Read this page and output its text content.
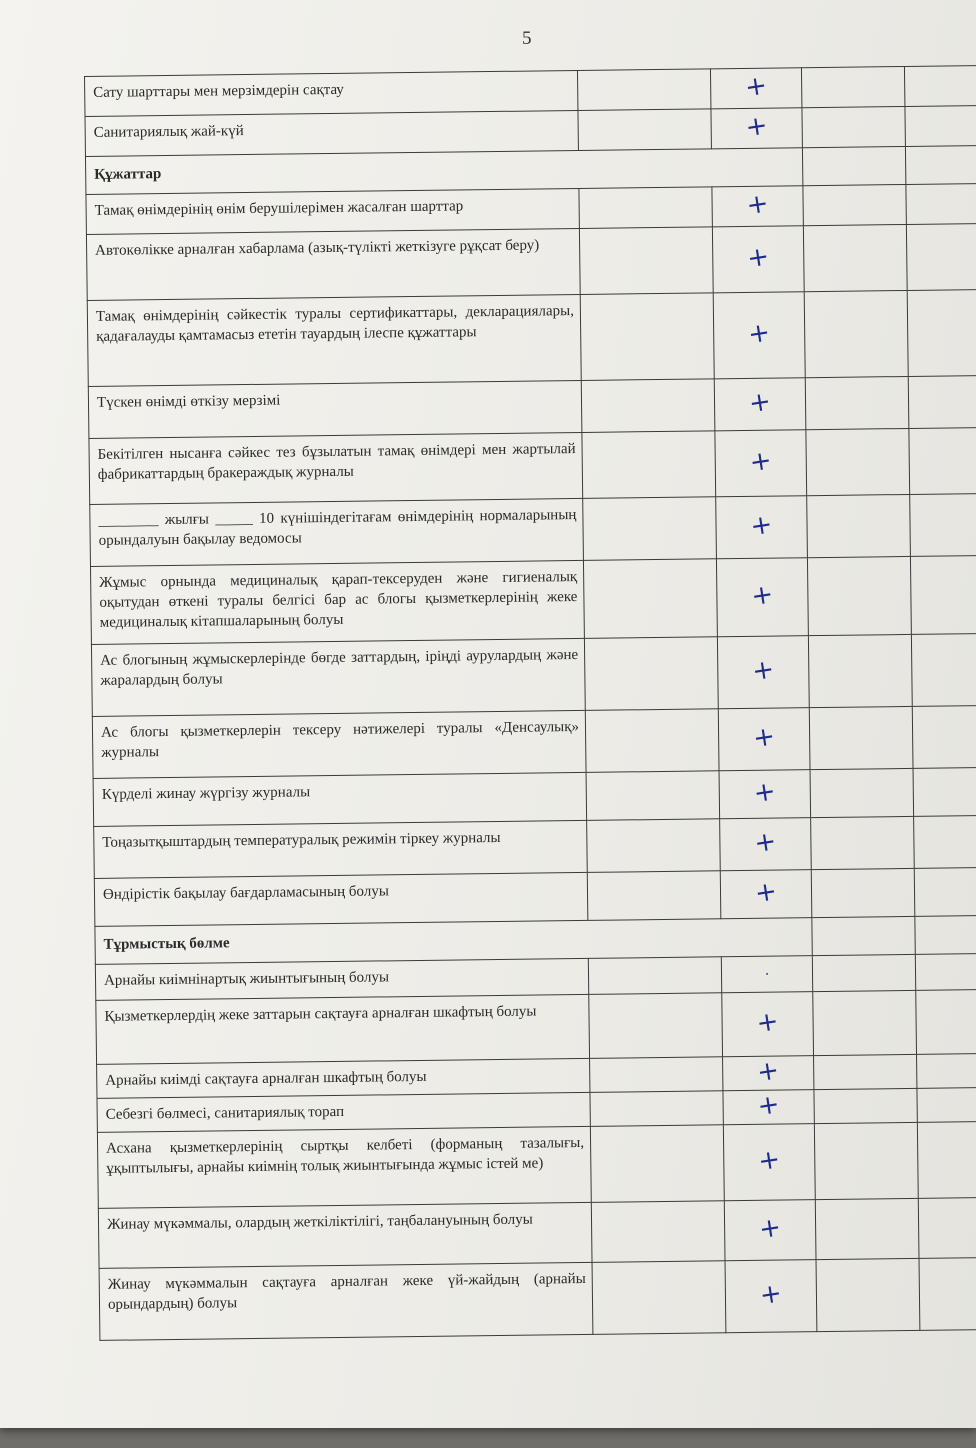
5
Сату шарттары мен мерзімдерін сақтау		+		
Санитариялық жай-күй		+		
Құжаттар				
Тамақ өнімдерінің өнім берушілерімен жасалған шарттар		+		
Автокөлікке арналған хабарлама (азық-түлікті жеткізуге рұқсат беру)		+		
Тамақ өнімдерінің сәйкестік туралы сертификаттары, декларациялары, қадағалауды қамтамасыз ететін тауардың ілеспе құжаттары		+		
Түскен өнімді өткізу мерзімі		+		
Бекітілген нысанға сәйкес тез бұзылатын тамақ өнімдері мен жартылай фабрикаттардың бракераждық журналы		+		
________ жылғы _____ 10 күнішіндегітағам өнімдерінің нормаларының орындалуын бақылау ведомосы		+		
Жұмыс орнында медициналық қарап-тексеруден және гигиеналық оқытудан өткені туралы белгісі бар ас блогы қызметкерлерінің жеке медициналық кітапшаларының болуы		+		
Ас блогының жұмыскерлерінде бөгде заттардың, іріңді аурулардың және жаралардың болуы		+		
Ас блогы қызметкерлерін тексеру нәтижелері туралы «Денсаулық» журналы		+		
Күрделі жинау жүргізу журналы		+		
Тоңазытқыштардың температуралық режимін тіркеу журналы		+		
Өндірістік бақылау бағдарламасының болуы		+		
Тұрмыстық бөлме				
Арнайы киімнінартық жиынтығының болуы		·		
Қызметкерлердің жеке заттарын сақтауға арналған шкафтың болуы		+		
Арнайы киімді сақтауға арналған шкафтың болуы		+		
Себезгі бөлмесі, санитариялық торап		+		
Асхана қызметкерлерінің сыртқы келбеті (форманың тазалығы, ұқыптылығы, арнайы киімнің толық жиынтығында жұмыс істей ме)		+		
Жинау мүкәммалы, олардың жеткіліктілігі, таңбалануының болуы		+		
Жинау мүкәммалын сақтауға арналған жеке үй-жайдың (арнайы орындардың) болуы		+		
